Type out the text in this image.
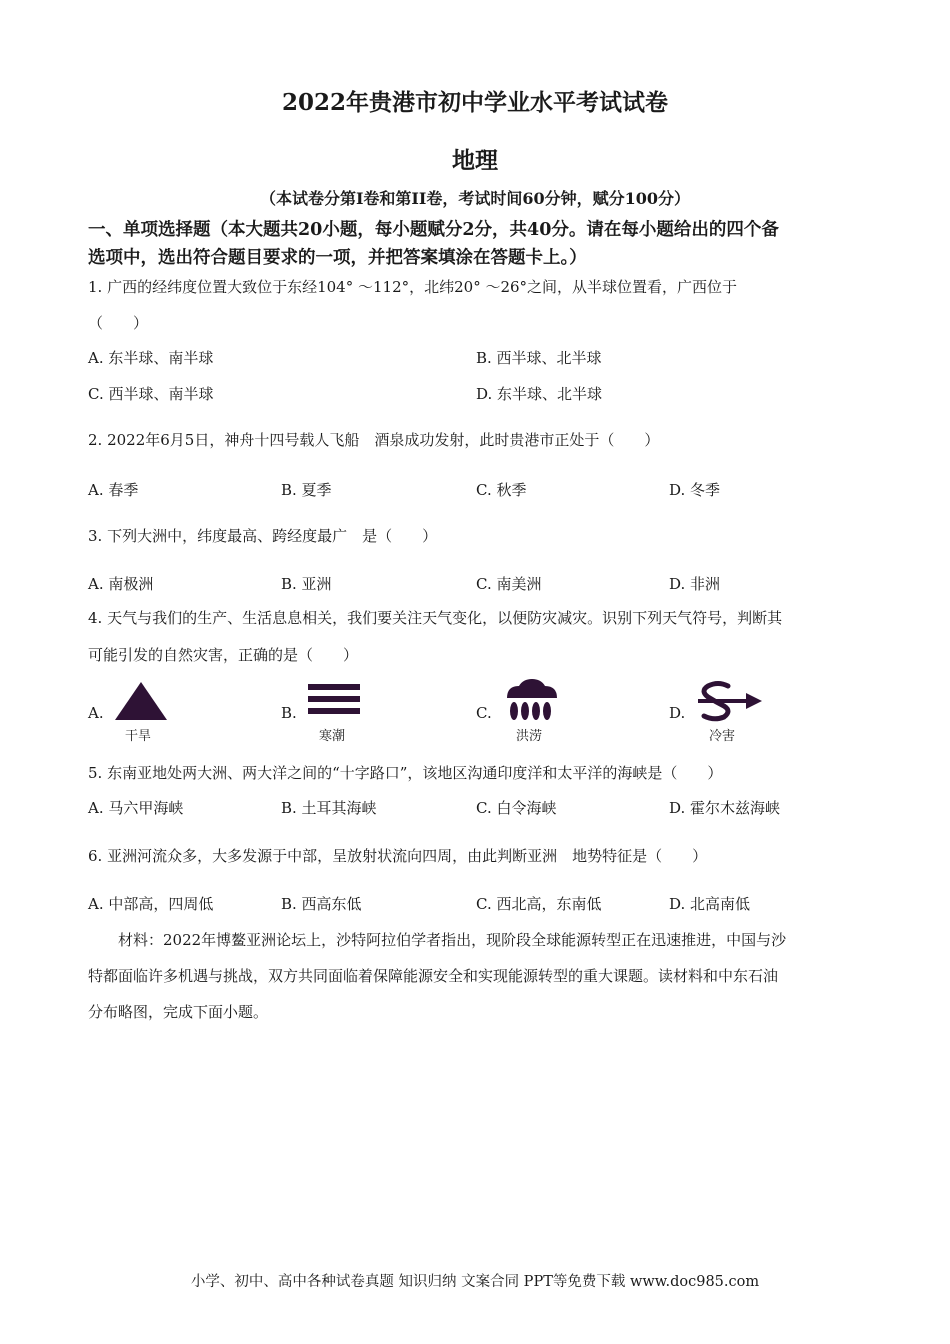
2022年贵港市初中学业水平考试试卷
地理
（本试卷分第Ⅰ卷和第II卷，考试时间60分钟，赋分100分）
一、单项选择题（本大题共20小题，每小题赋分2分，共40分。请在每小题给出的四个备
选项中，选出符合题目要求的一项，并把答案填涂在答题卡上。）
1. 广西的经纬度位置大致位于东经104° ～112°，北纬20° ～26°之间，从半球位置看，广西位于
（　　）
A. 东半球、南半球	B. 西半球、北半球
C. 西半球、南半球	D. 东半球、北半球
2. 2022年6月5日，神舟十四号载人飞船　酒泉成功发射，此时贵港市正处于（　　）
A. 春季	B. 夏季	C. 秋季	D. 冬季
3. 下列大洲中，纬度最高、跨经度最广　是（　　）
A. 南极洲	B. 亚洲	C. 南美洲	D. 非洲
4. 天气与我们的生产、生活息息相关，我们要关注天气变化，以便防灾减灾。识别下列天气符号，判断其
可能引发的自然灾害，正确的是（　　）
A.
干旱
B.
寒潮
C.
洪涝
D.
冷害
5. 东南亚地处两大洲、两大洋之间的“十字路口”，该地区沟通印度洋和太平洋的海峡是（　　）
A. 马六甲海峡	B. 土耳其海峡	C. 白令海峡	D. 霍尔木兹海峡
6. 亚洲河流众多，大多发源于中部，呈放射状流向四周，由此判断亚洲　地势特征是（　　）
A. 中部高，四周低	B. 西高东低	C. 西北高，东南低	D. 北高南低
材料：2022年博鳌亚洲论坛上，沙特阿拉伯学者指出，现阶段全球能源转型正在迅速推进，中国与沙
特都面临许多机遇与挑战，双方共同面临着保障能源安全和实现能源转型的重大课题。读材料和中东石油
分布略图，完成下面小题。
小学、初中、高中各种试卷真题 知识归纳 文案合同 PPT等免费下载 www.doc985.com
